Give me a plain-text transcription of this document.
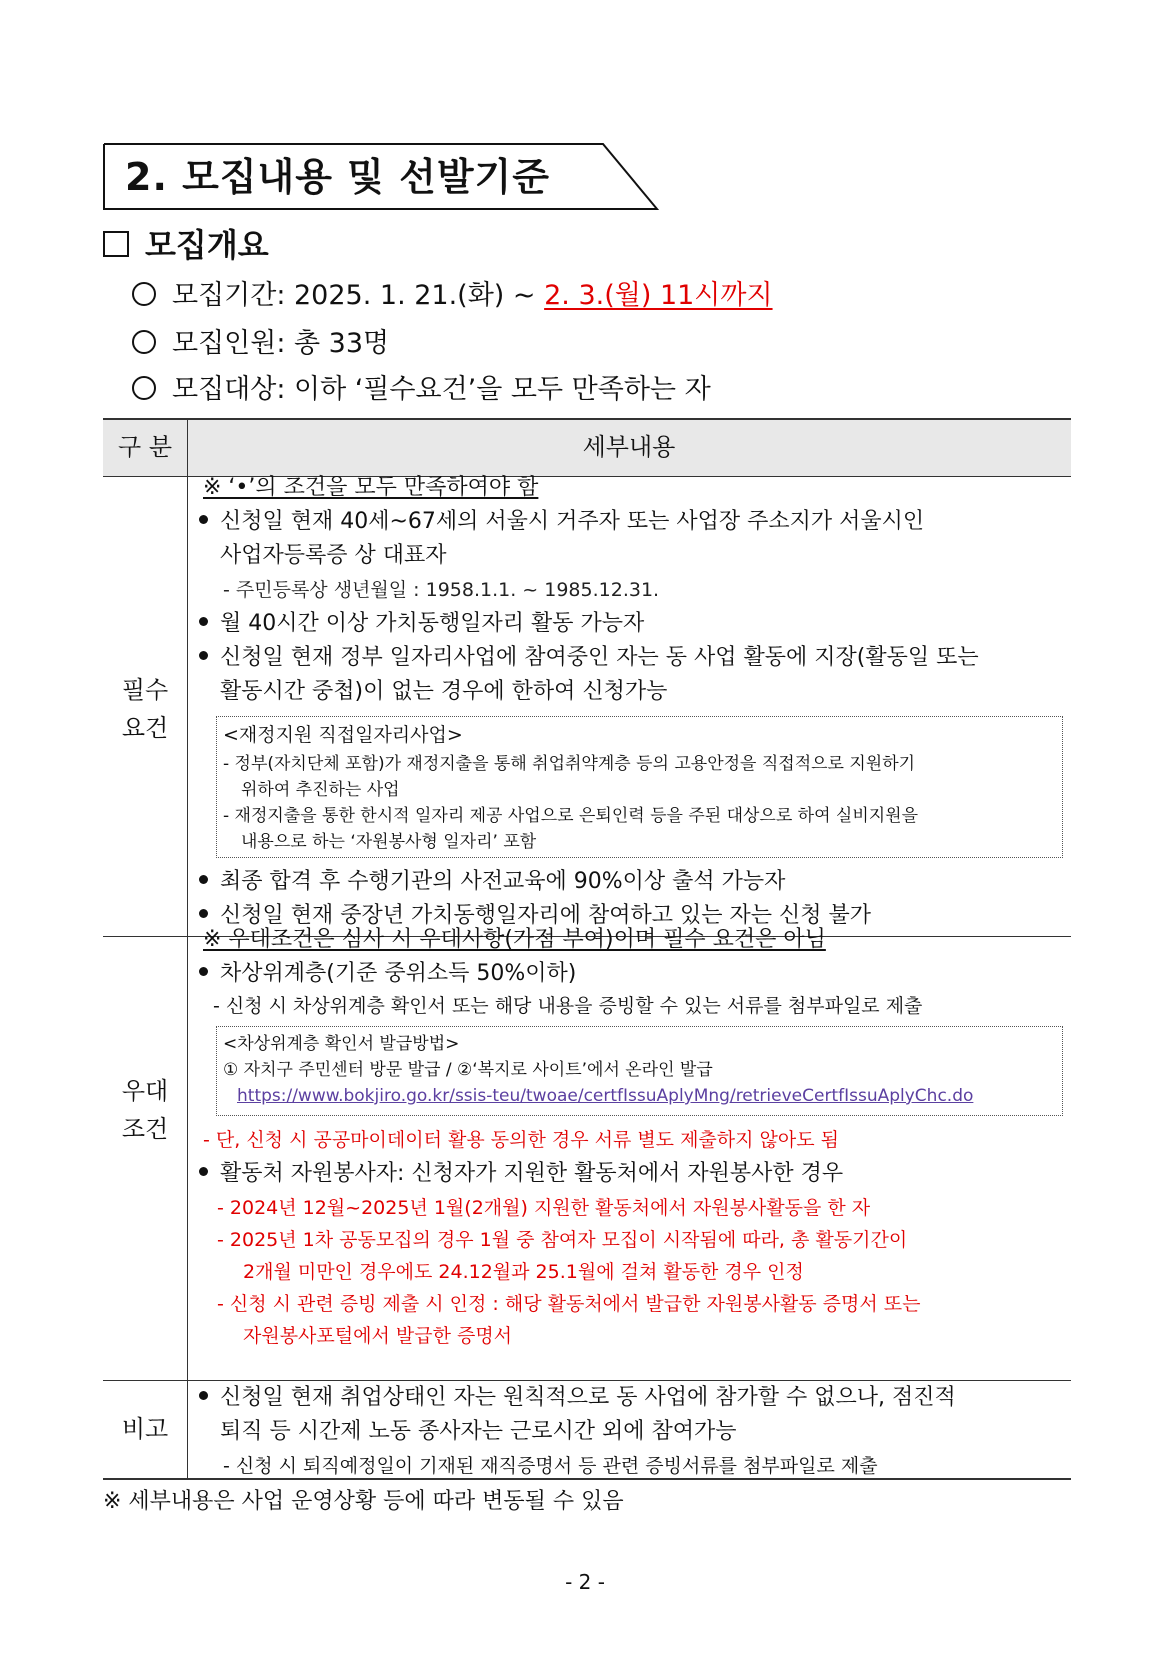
2. 모집내용 및 선발기준
모집개요
모집기간: 2025. 1. 21.(화) ~ 2. 3.(월) 11시까지
모집인원: 총 33명
모집대상: 이하 ‘필수요건’을 모두 만족하는 자
구 분	세부내용
필수
요건
※ ‘•’의 조건을 모두 만족하여야 함
신청일 현재 40세~67세의 서울시 거주자 또는 사업장 주소지가 서울시인
사업자등록증 상 대표자
- 주민등록상 생년월일 : 1958.1.1. ~ 1985.12.31.
월 40시간 이상 가치동행일자리 활동 가능자
신청일 현재 정부 일자리사업에 참여중인 자는 동 사업 활동에 지장(활동일 또는
활동시간 중첩)이 없는 경우에 한하여 신청가능
<재정지원 직접일자리사업>
- 정부(자치단체 포함)가 재정지출을 통해 취업취약계층 등의 고용안정을 직접적으로 지원하기
위하여 추진하는 사업
- 재정지출을 통한 한시적 일자리 제공 사업으로 은퇴인력 등을 주된 대상으로 하여 실비지원을
내용으로 하는 ‘자원봉사형 일자리’ 포함
최종 합격 후 수행기관의 사전교육에 90%이상 출석 가능자
신청일 현재 중장년 가치동행일자리에 참여하고 있는 자는 신청 불가
우대
조건
※ 우대조건은 심사 시 우대사항(가점 부여)이며 필수 요건은 아님
차상위계층(기준 중위소득 50%이하)
- 신청 시 차상위계층 확인서 또는 해당 내용을 증빙할 수 있는 서류를 첨부파일로 제출
<차상위계층 확인서 발급방법>
① 자치구 주민센터 방문 발급 / ②‘복지로 사이트’에서 온라인 발급
https://www.bokjiro.go.kr/ssis-teu/twoae/certfIssuAplyMng/retrieveCertfIssuAplyChc.do
- 단, 신청 시 공공마이데이터 활용 동의한 경우 서류 별도 제출하지 않아도 됨
활동처 자원봉사자: 신청자가 지원한 활동처에서 자원봉사한 경우
- 2024년 12월~2025년 1월(2개월) 지원한 활동처에서 자원봉사활동을 한 자
- 2025년 1차 공동모집의 경우 1월 중 참여자 모집이 시작됨에 따라, 총 활동기간이
2개월 미만인 경우에도 24.12월과 25.1월에 걸쳐 활동한 경우 인정
- 신청 시 관련 증빙 제출 시 인정 : 해당 활동처에서 발급한 자원봉사활동 증명서 또는
자원봉사포털에서 발급한 증명서
비고
신청일 현재 취업상태인 자는 원칙적으로 동 사업에 참가할 수 없으나, 점진적
퇴직 등 시간제 노동 종사자는 근로시간 외에 참여가능
- 신청 시 퇴직예정일이 기재된 재직증명서 등 관련 증빙서류를 첨부파일로 제출
※ 세부내용은 사업 운영상황 등에 따라 변동될 수 있음
- 2 -
